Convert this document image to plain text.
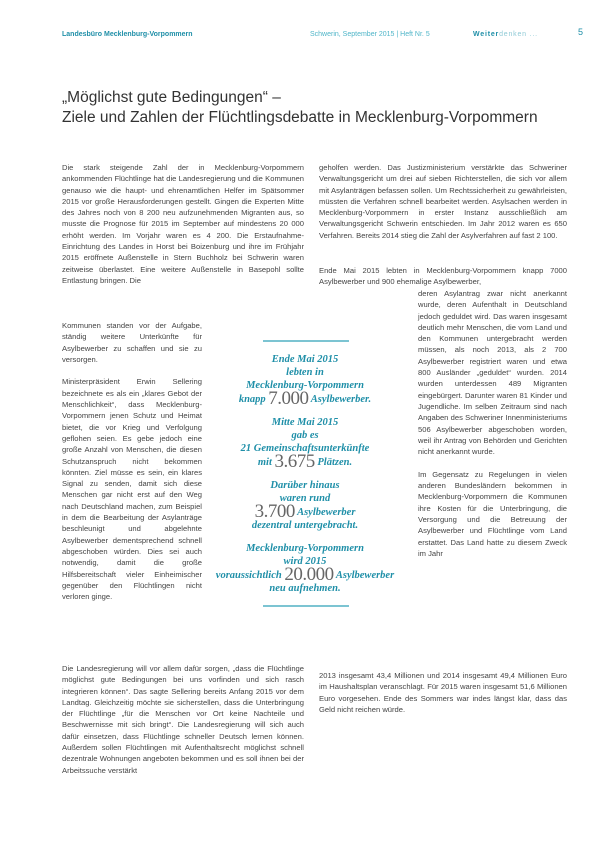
Landesbüro Mecklenburg-Vorpommern	Schwerin, September 2015 | Heft Nr. 5	Weiterdenken ...	5
„Möglichst gute Bedingungen“ –
Ziele und Zahlen der Flüchtlingsdebatte in Mecklenburg-Vorpommern

Die stark steigende Zahl der in Mecklenburg-Vorpommern ankommenden Flüchtlinge hat die Landesregierung und die Kommunen genauso wie die haupt- und ehrenamtlichen Helfer im Spätsommer 2015 vor große Herausforderungen gestellt. Gingen die Experten Mitte des Jahres noch von 8 200 neu aufzunehmenden Migranten aus, so musste die Prognose für 2015 im September auf mindestens 20 000 erhöht werden. Im Vorjahr waren es 4 200. Die Erstaufnahme-Einrichtung des Landes in Horst bei Boizenburg und ihre im Frühjahr 2015 eröffnete Außenstelle in Stern Buchholz bei Schwerin waren zeitweise überlastet. Eine weitere Außenstelle in Basepohl sollte Entlastung bringen. Die

Kommunen standen vor der Aufgabe, ständig weitere Unterkünfte für Asylbewerber zu schaffen und sie zu versorgen.

Ministerpräsident Erwin Sellering bezeichnete es als ein „klares Gebot der Menschlichkeit“, dass Mecklenburg-Vorpommern jenen Schutz und Heimat bietet, die vor Krieg und Verfolgung geflohen seien. Es gebe jedoch eine große Anzahl von Menschen, die diesen Schutzanspruch nicht bekommen könnten. Ziel müsse es sein, ein klares Signal zu senden, damit sich diese Menschen gar nicht erst auf den Weg nach Deutschland machen, zum Beispiel in dem die Bearbeitung der Asylanträge beschleunigt und abgelehnte Asylbewerber dementsprechend schnell abgeschoben würden. Dies sei auch notwendig, damit die große Hilfsbereitschaft vieler Einheimischer gegenüber den Flüchtlingen nicht verloren ginge.

Die Landesregierung will vor allem dafür sorgen, „dass die Flüchtlinge möglichst gute Bedingungen bei uns vorfinden und sich rasch integrieren können“. Das sagte Sellering bereits Anfang 2015 vor dem Landtag. Gleichzeitig möchte sie sicherstellen, dass die Unterbringung der Flüchtlinge „für die Menschen vor Ort keine Nachteile und Beschwernisse mit sich bringt“. Die Landesregierung will sich auch dafür einsetzen, dass Flüchtlinge schneller Deutsch lernen können. Außerdem sollen Flüchtlingen mit Aufenthaltsrecht möglichst schnell dezentrale Wohnungen angeboten bekommen und es soll ihnen bei der Arbeitssuche verstärkt

geholfen werden. Das Justizministerium verstärkte das Schweriner Verwaltungsgericht um drei auf sieben Richterstellen, die sich vor allem mit Asylanträgen befassen sollen. Um Rechtssicherheit zu gewährleisten, müssten die Verfahren schnell bearbeitet werden. Asylsachen werden in Mecklenburg-Vorpommern in erster Instanz ausschließlich am Verwaltungsgericht Schwerin entschieden. Im Jahr 2012 waren es 650 Verfahren. Bereits 2014 stieg die Zahl der Asylverfahren auf fast 2 100.

Ende Mai 2015 lebten in Mecklenburg-Vorpommern knapp 7000 Asylbewerber und 900 ehemalige Asylbewerber,

deren Asylantrag zwar nicht anerkannt wurde, deren Aufenthalt in Deutschland jedoch geduldet wird. Das waren insgesamt deutlich mehr Menschen, die vom Land und den Kommunen untergebracht werden müssen, als noch 2013, als 2 700 Asylbewerber registriert waren und etwa 800 Ausländer „geduldet“ wurden. 2014 wurden unterdessen 489 Migranten eingebürgert. Darunter waren 81 Kinder und Jugendliche. Im selben Zeitraum sind nach Angaben des Schweriner Innenministeriums 506 Asylbewerber abgeschoben worden, weil ihr Antrag von Behörden und Gerichten nicht anerkannt wurde.

Im Gegensatz zu Regelungen in vielen anderen Bundesländern bekommen in Mecklenburg-Vorpommern die Kommunen ihre Kosten für die Unterbringung, die Versorgung und die Betreuung der Asylbewerber und Flüchtlinge vom Land erstattet. Das Land hatte zu diesem Zweck im Jahr

2013 insgesamt 43,4 Millionen und 2014 insgesamt 49,4 Millionen Euro im Haushaltsplan veranschlagt. Für 2015 waren insgesamt 51,6 Millionen Euro vorgesehen. Ende des Sommers war indes längst klar, dass das Geld nicht reichen würde.

Ende Mai 2015
lebten in
Mecklenburg-Vorpommern
knapp 7.000 Asylbewerber.
Mitte Mai 2015
gab es
21 Gemeinschaftsunterkünfte
mit 3.675 Plätzen.
Darüber hinaus
waren rund
3.700 Asylbewerber
dezentral untergebracht.
Mecklenburg-Vorpommern
wird 2015
voraussichtlich 20.000 Asylbewerber
neu aufnehmen.
